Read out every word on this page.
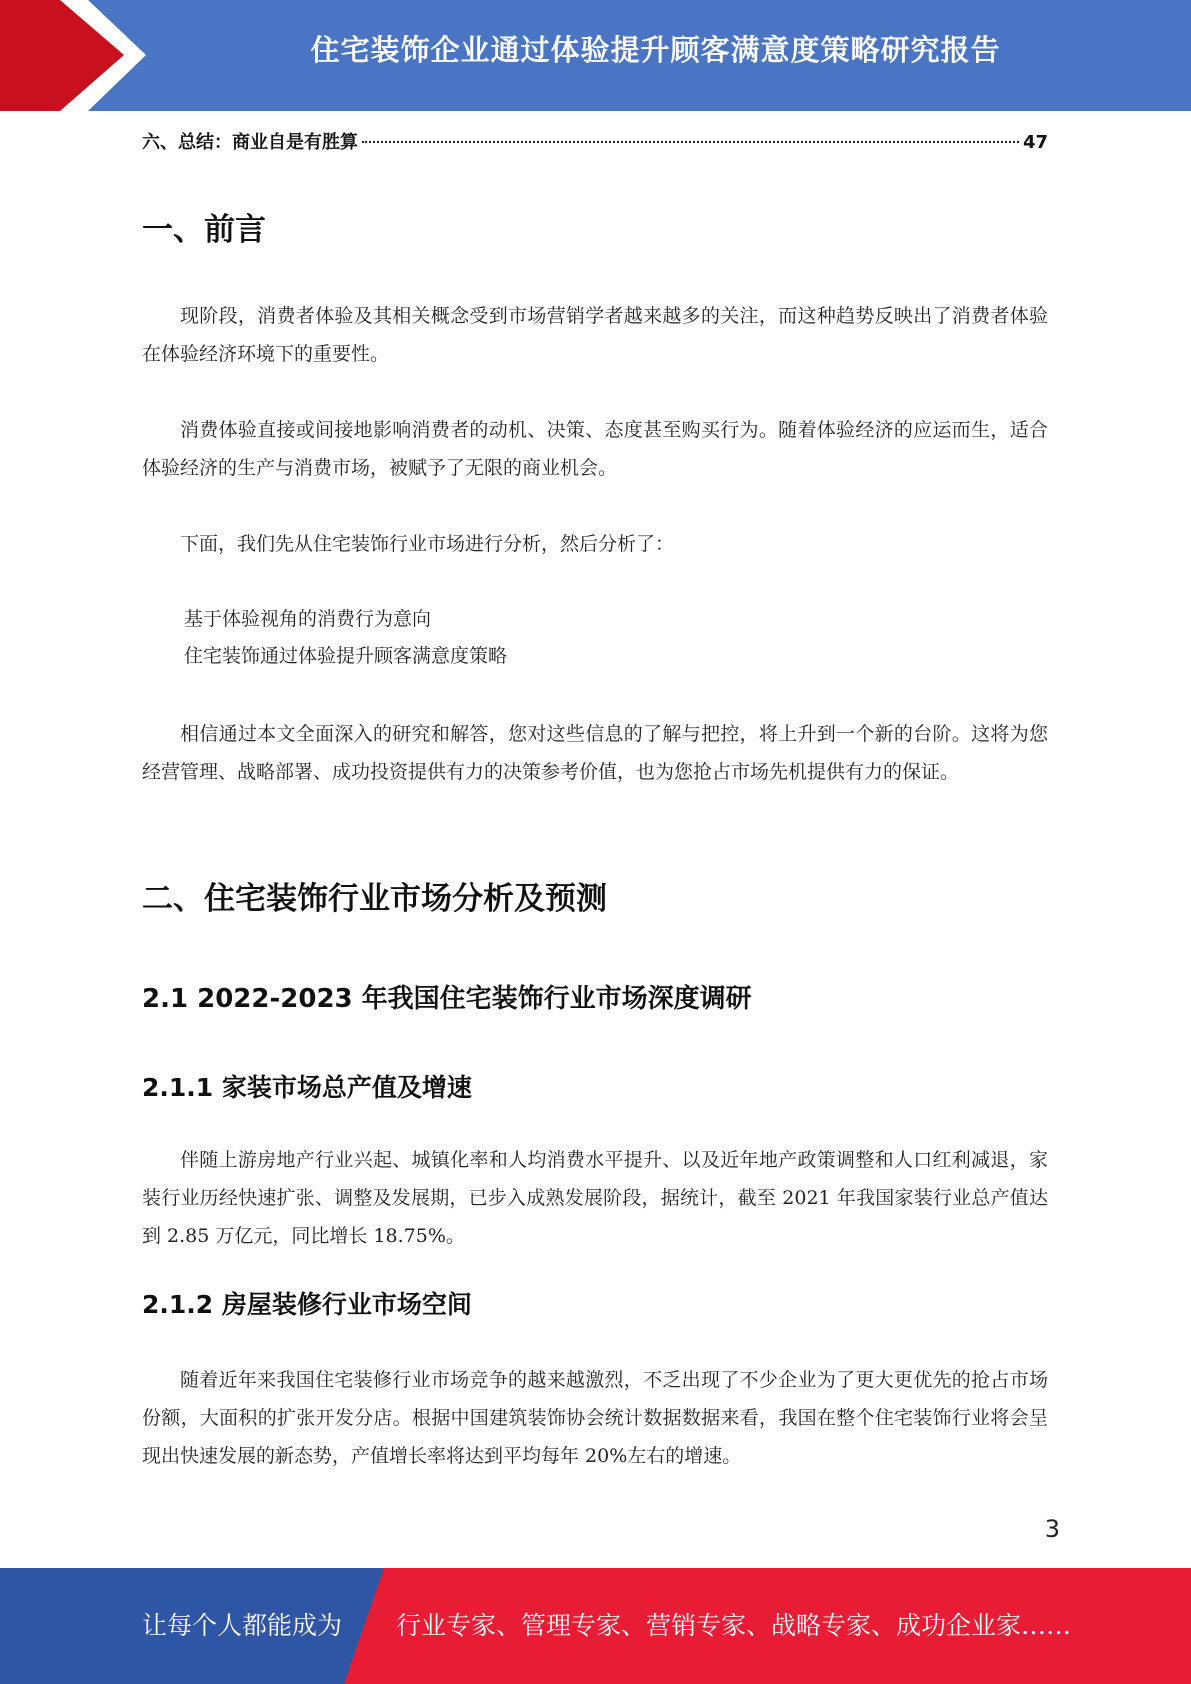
住宅装饰企业通过体验提升顾客满意度策略研究报告
六、总结：商业自是有胜算	47
一、前言

现阶段，消费者体验及其相关概念受到市场营销学者越来越多的关注，而这种趋势反映出了消费者体验在体验经济环境下的重要性。

消费体验直接或间接地影响消费者的动机、决策、态度甚至购买行为。随着体验经济的应运而生，适合体验经济的生产与消费市场，被赋予了无限的商业机会。

下面，我们先从住宅装饰行业市场进行分析，然后分析了：

基于体验视角的消费行为意向

住宅装饰通过体验提升顾客满意度策略

相信通过本文全面深入的研究和解答，您对这些信息的了解与把控，将上升到一个新的台阶。这将为您经营管理、战略部署、成功投资提供有力的决策参考价值，也为您抢占市场先机提供有力的保证。

二、住宅装饰行业市场分析及预测
2.1 2022-2023 年我国住宅装饰行业市场深度调研
2.1.1 家装市场总产值及增速

伴随上游房地产行业兴起、城镇化率和人均消费水平提升、以及近年地产政策调整和人口红利减退，家装行业历经快速扩张、调整及发展期，已步入成熟发展阶段，据统计，截至 2021 年我国家装行业总产值达到 2.85 万亿元，同比增长 18.75%。

2.1.2 房屋装修行业市场空间

随着近年来我国住宅装修行业市场竞争的越来越激烈，不乏出现了不少企业为了更大更优先的抢占市场份额，大面积的扩张开发分店。根据中国建筑装饰协会统计数据数据来看，我国在整个住宅装饰行业将会呈现出快速发展的新态势，产值增长率将达到平均每年 20%左右的增速。

3
让每个人都能成为 行业专家、管理专家、营销专家、战略专家、成功企业家……
